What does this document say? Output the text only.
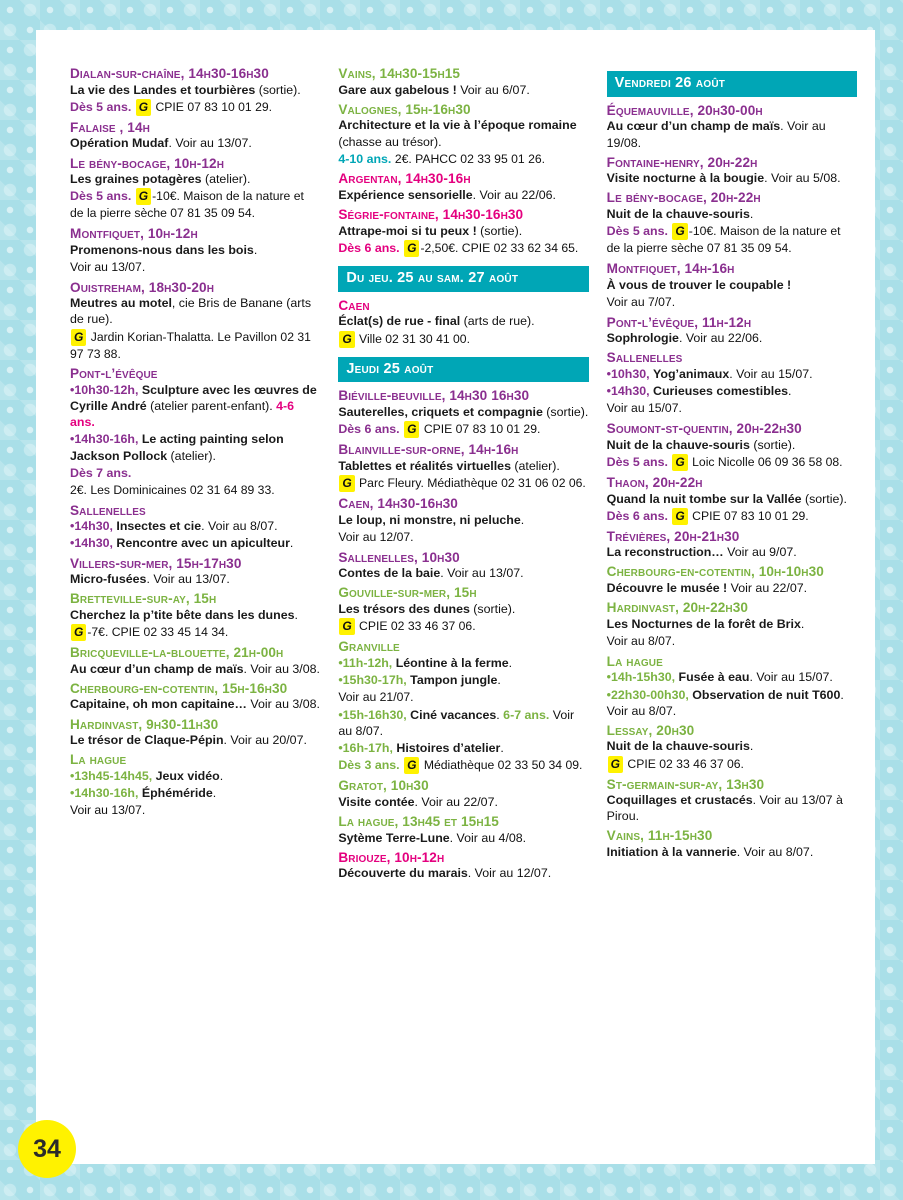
Dialan-sur-chaîne, 14h30-16h30
La vie des Landes et tourbières (sortie).
Dès 5 ans. G CPIE 07 83 10 01 29.
Falaise , 14h
Opération Mudaf. Voir au 13/07.
Le bény-bocage, 10h-12h
Les graines potagères (atelier).
Dès 5 ans. G -10€. Maison de la nature et de la pierre sèche 07 81 35 09 54.
Montfiquet, 10h-12h
Promenons-nous dans les bois.
Voir au 13/07.
Ouistreham, 18h30-20h
Meutres au motel, cie Bris de Banane (arts de rue).
G Jardin Korian-Thalatta. Le Pavillon 02 31 97 73 88.
Pont-l’évêque
•10h30-12h, Sculpture avec les œuvres de Cyrille André (atelier parent-enfant). 4-6 ans.
•14h30-16h, Le acting painting selon Jackson Pollock (atelier).
Dès 7 ans.
2€. Les Dominicaines 02 31 64 89 33.
Sallenelles
•14h30, Insectes et cie. Voir au 8/07.
•14h30, Rencontre avec un apiculteur.
Villers-sur-mer, 15h-17h30
Micro-fusées. Voir au 13/07.
Bretteville-sur-ay, 15h
Cherchez la p’tite bête dans les dunes.
G -7€. CPIE 02 33 45 14 34.
Bricqueville-la-blouette, 21h-00h
Au cœur d’un champ de maïs. Voir au 3/08.
Cherbourg-en-cotentin, 15h-16h30
Capitaine, oh mon capitaine… Voir au 3/08.
Hardinvast, 9h30-11h30
Le trésor de Claque-Pépin. Voir au 20/07.
La hague
•13h45-14h45, Jeux vidéo.
•14h30-16h, Éphéméride.
Voir au 13/07.
Vains, 14h30-15h15
Gare aux gabelous ! Voir au 6/07.
Valognes, 15h-16h30
Architecture et la vie à l’époque romaine (chasse au trésor).
4-10 ans. 2€. PAHCC 02 33 95 01 26.
Argentan, 14h30-16h
Expérience sensorielle. Voir au 22/06.
Ségrie-fontaine, 14h30-16h30
Attrape-moi si tu peux ! (sortie).
Dès 6 ans. G -2,50€. CPIE 02 33 62 34 65.
Du jeu. 25 au sam. 27 août
Caen
Éclat(s) de rue - final (arts de rue).
G Ville 02 31 30 41 00.
Jeudi 25 août
Biéville-beuville, 14h30 16h30
Sauterelles, criquets et compagnie (sortie).
Dès 6 ans. G CPIE 07 83 10 01 29.
Blainville-sur-orne, 14h-16h
Tablettes et réalités virtuelles (atelier).
G Parc Fleury. Médiathèque 02 31 06 02 06.
Caen, 14h30-16h30
Le loup, ni monstre, ni peluche.
Voir au 12/07.
Sallenelles, 10h30
Contes de la baie. Voir au 13/07.
Gouville-sur-mer, 15h
Les trésors des dunes (sortie).
G CPIE 02 33 46 37 06.
Granville
•11h-12h, Léontine à la ferme.
•15h30-17h, Tampon jungle.
Voir au 21/07.
•15h-16h30, Ciné vacances. 6-7 ans. Voir au 8/07.
•16h-17h, Histoires d’atelier.
Dès 3 ans. G Médiathèque 02 33 50 34 09.
Gratot, 10h30
Visite contée. Voir au 22/07.
La hague, 13h45 et 15h15
Sytème Terre-Lune. Voir au 4/08.
Briouze, 10h-12h
Découverte du marais. Voir au 12/07.
Vendredi 26 août
Équemauville, 20h30-00h
Au cœur d’un champ de maïs. Voir au 19/08.
Fontaine-henry, 20h-22h
Visite nocturne à la bougie. Voir au 5/08.
Le bény-bocage, 20h-22h
Nuit de la chauve-souris.
Dès 5 ans. G -10€. Maison de la nature et de la pierre sèche 07 81 35 09 54.
Montfiquet, 14h-16h
À vous de trouver le coupable !
Voir au 7/07.
Pont-l’évêque, 11h-12h
Sophrologie. Voir au 22/06.
Sallenelles
•10h30, Yog’animaux. Voir au 15/07.
•14h30, Curieuses comestibles.
Voir au 15/07.
Soumont-st-quentin, 20h-22h30
Nuit de la chauve-souris (sortie).
Dès 5 ans. G Loic Nicolle 06 09 36 58 08.
Thaon, 20h-22h
Quand la nuit tombe sur la Vallée (sortie).
Dès 6 ans. G CPIE 07 83 10 01 29.
Trévières, 20h-21h30
La reconstruction… Voir au 9/07.
Cherbourg-en-cotentin, 10h-10h30
Découvre le musée ! Voir au 22/07.
Hardinvast, 20h-22h30
Les Nocturnes de la forêt de Brix.
Voir au 8/07.
La hague
•14h-15h30, Fusée à eau. Voir au 15/07.
•22h30-00h30, Observation de nuit T600. Voir au 8/07.
Lessay, 20h30
Nuit de la chauve-souris.
G CPIE 02 33 46 37 06.
St-germain-sur-ay, 13h30
Coquillages et crustacés. Voir au 13/07 à Pirou.
Vains, 11h-15h30
Initiation à la vannerie. Voir au 8/07.
34
